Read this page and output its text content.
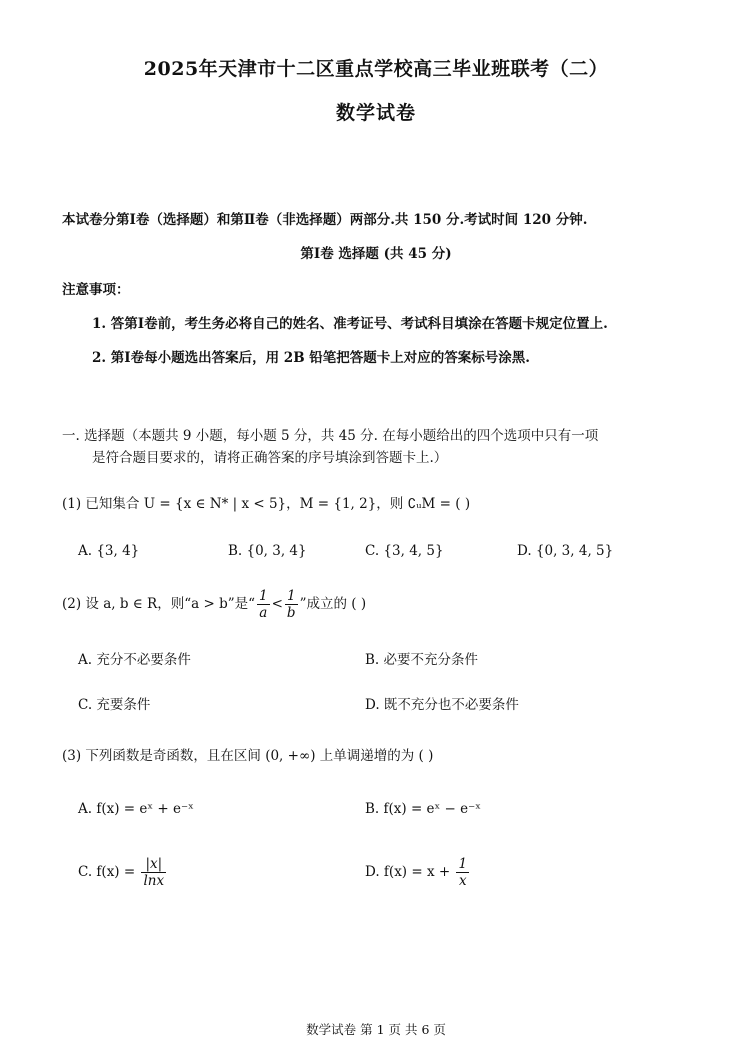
2025年天津市十二区重点学校高三毕业班联考（二）
数学试卷
本试卷分第Ⅰ卷（选择题）和第Ⅱ卷（非选择题）两部分.共 150 分.考试时间 120 分钟.
第Ⅰ卷 选择题 (共 45 分)
注意事项：
1. 答第Ⅰ卷前，考生务必将自己的姓名、准考证号、考试科目填涂在答题卡规定位置上.
2. 第Ⅰ卷每小题选出答案后，用 2B 铅笔把答题卡上对应的答案标号涂黑.
一. 选择题（本题共 9 小题，每小题 5 分，共 45 分. 在每小题给出的四个选项中只有一项
是符合题目要求的，请将正确答案的序号填涂到答题卡上.）
(1) 已知集合 U = {x ∈ N* | x < 5}，M = {1, 2}，则 ∁ᵤM = ( )
A. {3, 4}	B. {0, 3, 4}	C. {3, 4, 5}	D. {0, 3, 4, 5}
(2) 设 a, b ∈ R，则“a > b”是“ $\frac{1}{a} < \frac{1}{b}$ ”成立的 ( )
A. 充分不必要条件	B. 必要不充分条件
C. 充要条件	D. 既不充分也不必要条件
(3) 下列函数是奇函数，且在区间 (0, +∞) 上单调递增的为 ( )
A. f(x) = eˣ + e⁻ˣ	B. f(x) = eˣ − e⁻ˣ
C. $f(x) = \frac{|x|}{\ln x}$	D. $f(x) = x + \frac{1}{x}$
数学试卷 第 1 页 共 6 页
